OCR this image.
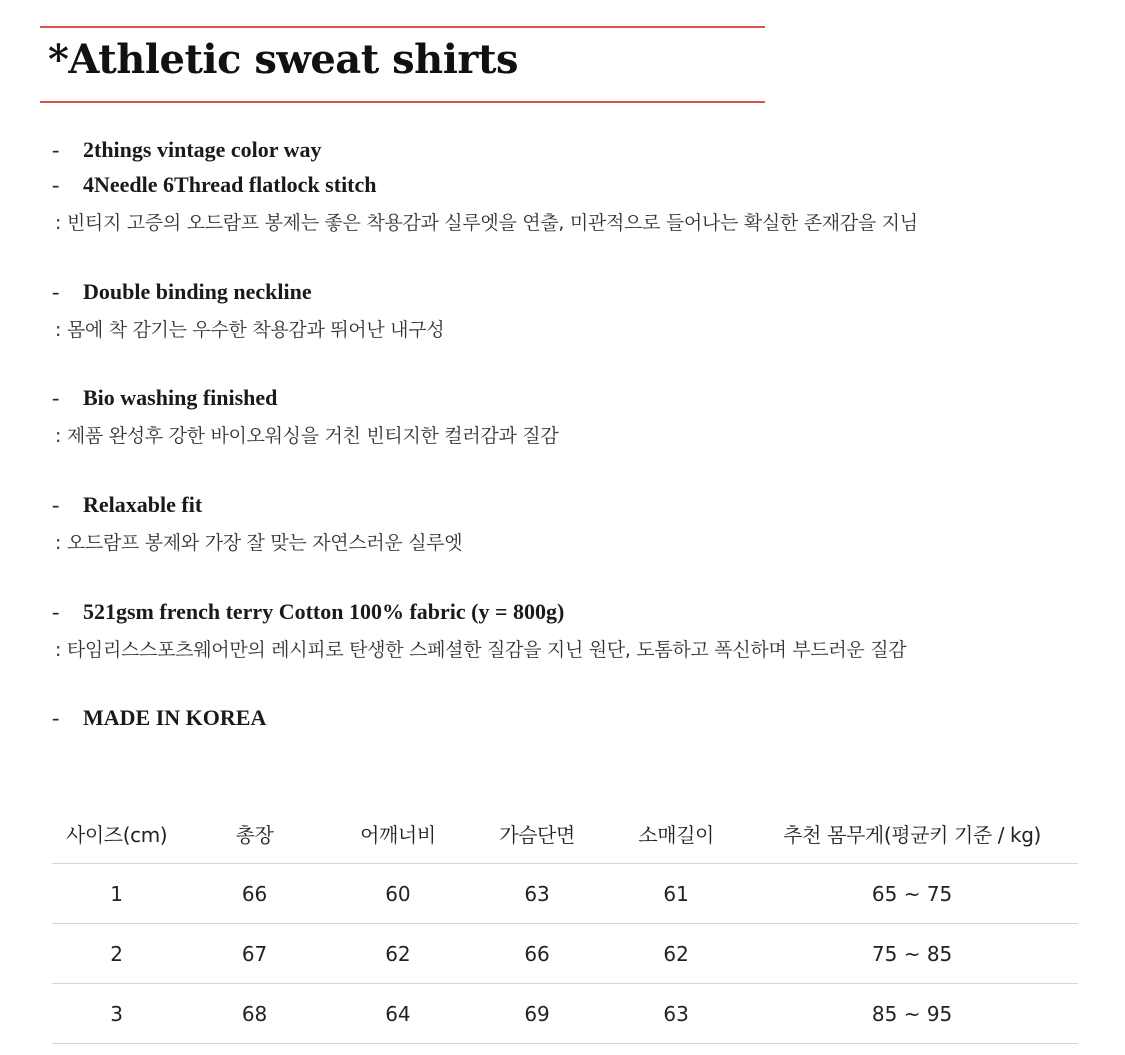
*Athletic sweat shirts
- 2things vintage color way
- 4Needle 6Thread flatlock stitch
: 빈티지 고증의 오드람프 봉제는 좋은 착용감과 실루엣을 연출, 미관적으로 들어나는 확실한 존재감을 지님
- Double binding neckline
: 몸에 착 감기는 우수한 착용감과 뛰어난 내구성
- Bio washing finished
: 제품 완성후 강한 바이오워싱을 거친 빈티지한 컬러감과 질감
- Relaxable fit
: 오드람프 봉제와 가장 잘 맞는 자연스러운 실루엣
- 521gsm french terry Cotton 100% fabric (y = 800g)
: 타임리스스포츠웨어만의 레시피로 탄생한 스페셜한 질감을 지닌 원단, 도톰하고 폭신하며 부드러운 질감
- MADE IN KOREA
사이즈(cm)	총장	어깨너비	가슴단면	소매길이	추천 몸무게(평균키 기준 / kg)
1	66	60	63	61	65 ~ 75
2	67	62	66	62	75 ~ 85
3	68	64	69	63	85 ~ 95
